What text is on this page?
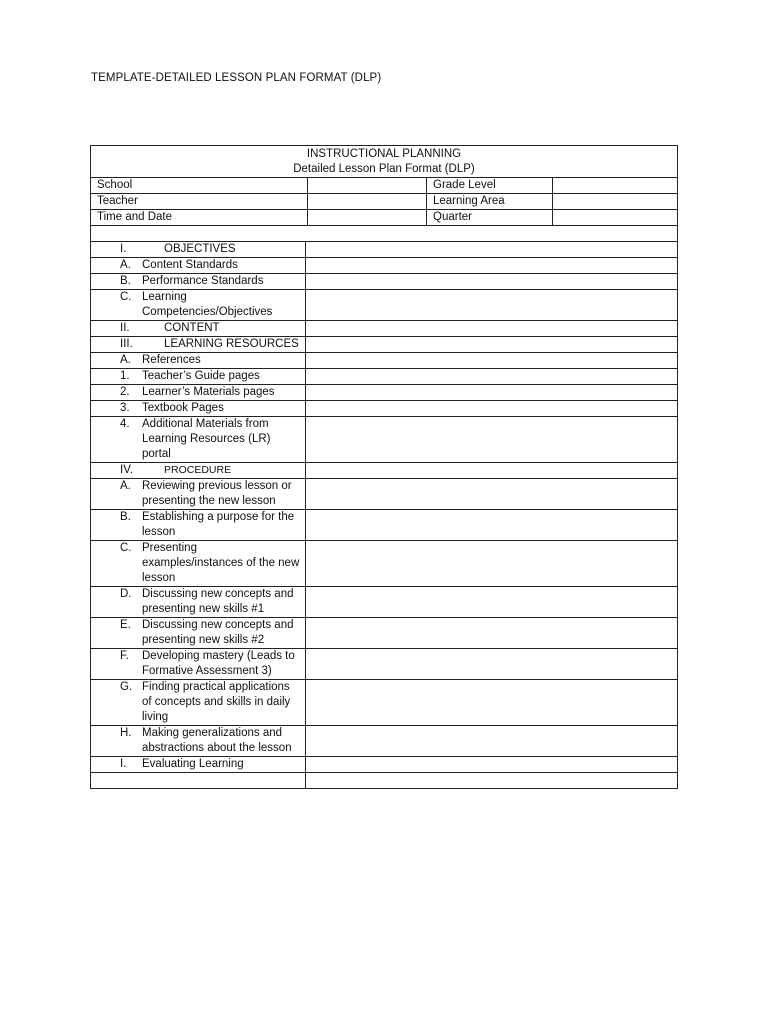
TEMPLATE-DETAILED LESSON PLAN FORMAT (DLP)
INSTRUCTIONAL PLANNING
Detailed Lesson Plan Format (DLP)
School	Grade Level
Teacher	Learning Area
Time and Date	Quarter
I.	OBJECTIVES
A. Content Standards
B. Performance Standards
C. Learning Competencies/Objectives
II.	CONTENT
III.	LEARNING RESOURCES
A. References
1.	Teacher’s Guide pages
2.	Learner’s Materials pages
3.	Textbook Pages
4.	Additional Materials from Learning Resources (LR) portal
IV.	PROCEDURE
A. Reviewing previous lesson or presenting the new lesson
B. Establishing a purpose for the lesson
C. Presenting examples/instances of the new lesson
D. Discussing new concepts and presenting new skills #1
E. Discussing new concepts and presenting new skills #2
F.	Developing mastery (Leads to Formative Assessment 3)
G. Finding practical applications of concepts and skills in daily living
H. Making generalizations and abstractions about the lesson
I.	Evaluating Learning
